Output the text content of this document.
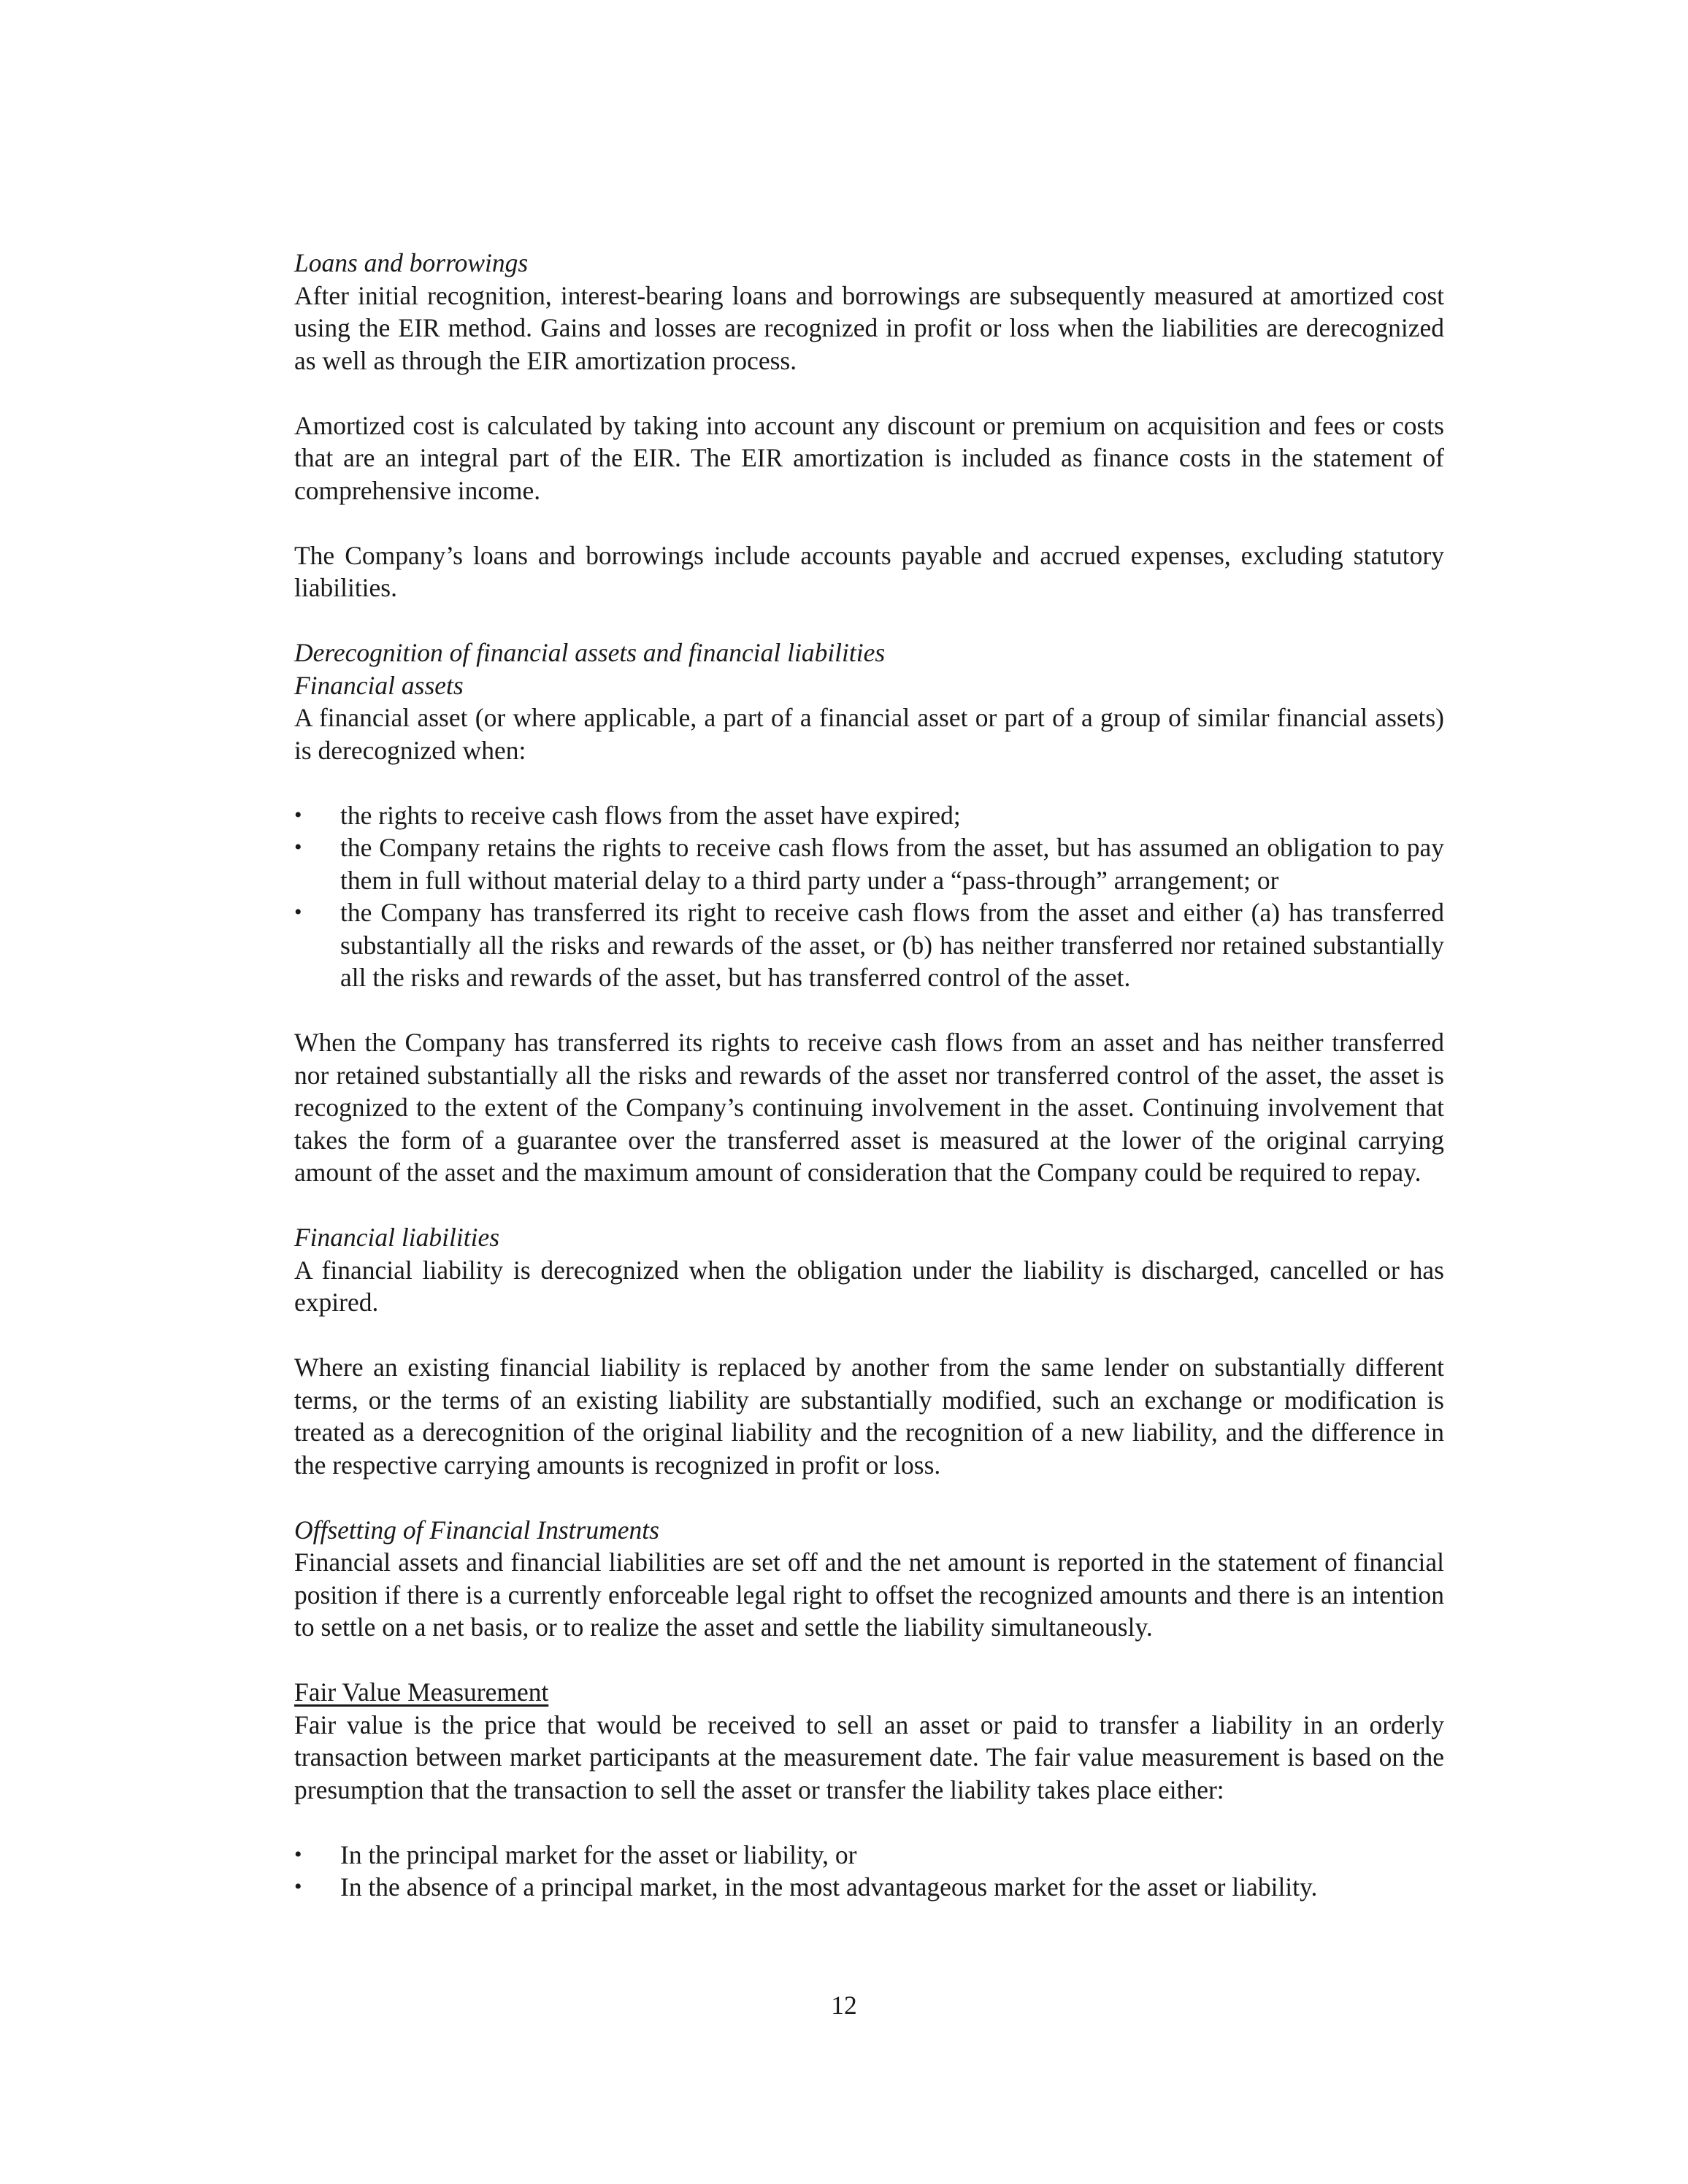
Loans and borrowings

After initial recognition, interest-bearing loans and borrowings are subsequently measured at amortized cost using the EIR method. Gains and losses are recognized in profit or loss when the liabilities are derecognized as well as through the EIR amortization process.

Amortized cost is calculated by taking into account any discount or premium on acquisition and fees or costs that are an integral part of the EIR. The EIR amortization is included as finance costs in the statement of comprehensive income.

The Company’s loans and borrowings include accounts payable and accrued expenses, excluding statutory liabilities.

Derecognition of financial assets and financial liabilities

Financial assets

A financial asset (or where applicable, a part of a financial asset or part of a group of similar financial assets) is derecognized when:

• the rights to receive cash flows from the asset have expired;
• the Company retains the rights to receive cash flows from the asset, but has assumed an obligation to pay them in full without material delay to a third party under a “pass-through” arrangement; or
• the Company has transferred its right to receive cash flows from the asset and either (a) has transferred substantially all the risks and rewards of the asset, or (b) has neither transferred nor retained substantially all the risks and rewards of the asset, but has transferred control of the asset.

When the Company has transferred its rights to receive cash flows from an asset and has neither transferred nor retained substantially all the risks and rewards of the asset nor transferred control of the asset, the asset is recognized to the extent of the Company’s continuing involvement in the asset. Continuing involvement that takes the form of a guarantee over the transferred asset is measured at the lower of the original carrying amount of the asset and the maximum amount of consideration that the Company could be required to repay.

Financial liabilities

A financial liability is derecognized when the obligation under the liability is discharged, cancelled or has expired.

Where an existing financial liability is replaced by another from the same lender on substantially different terms, or the terms of an existing liability are substantially modified, such an exchange or modification is treated as a derecognition of the original liability and the recognition of a new liability, and the difference in the respective carrying amounts is recognized in profit or loss.

Offsetting of Financial Instruments

Financial assets and financial liabilities are set off and the net amount is reported in the statement of financial position if there is a currently enforceable legal right to offset the recognized amounts and there is an intention to settle on a net basis, or to realize the asset and settle the liability simultaneously.

Fair Value Measurement

Fair value is the price that would be received to sell an asset or paid to transfer a liability in an orderly transaction between market participants at the measurement date. The fair value measurement is based on the presumption that the transaction to sell the asset or transfer the liability takes place either:

• In the principal market for the asset or liability, or
• In the absence of a principal market, in the most advantageous market for the asset or liability.
12
